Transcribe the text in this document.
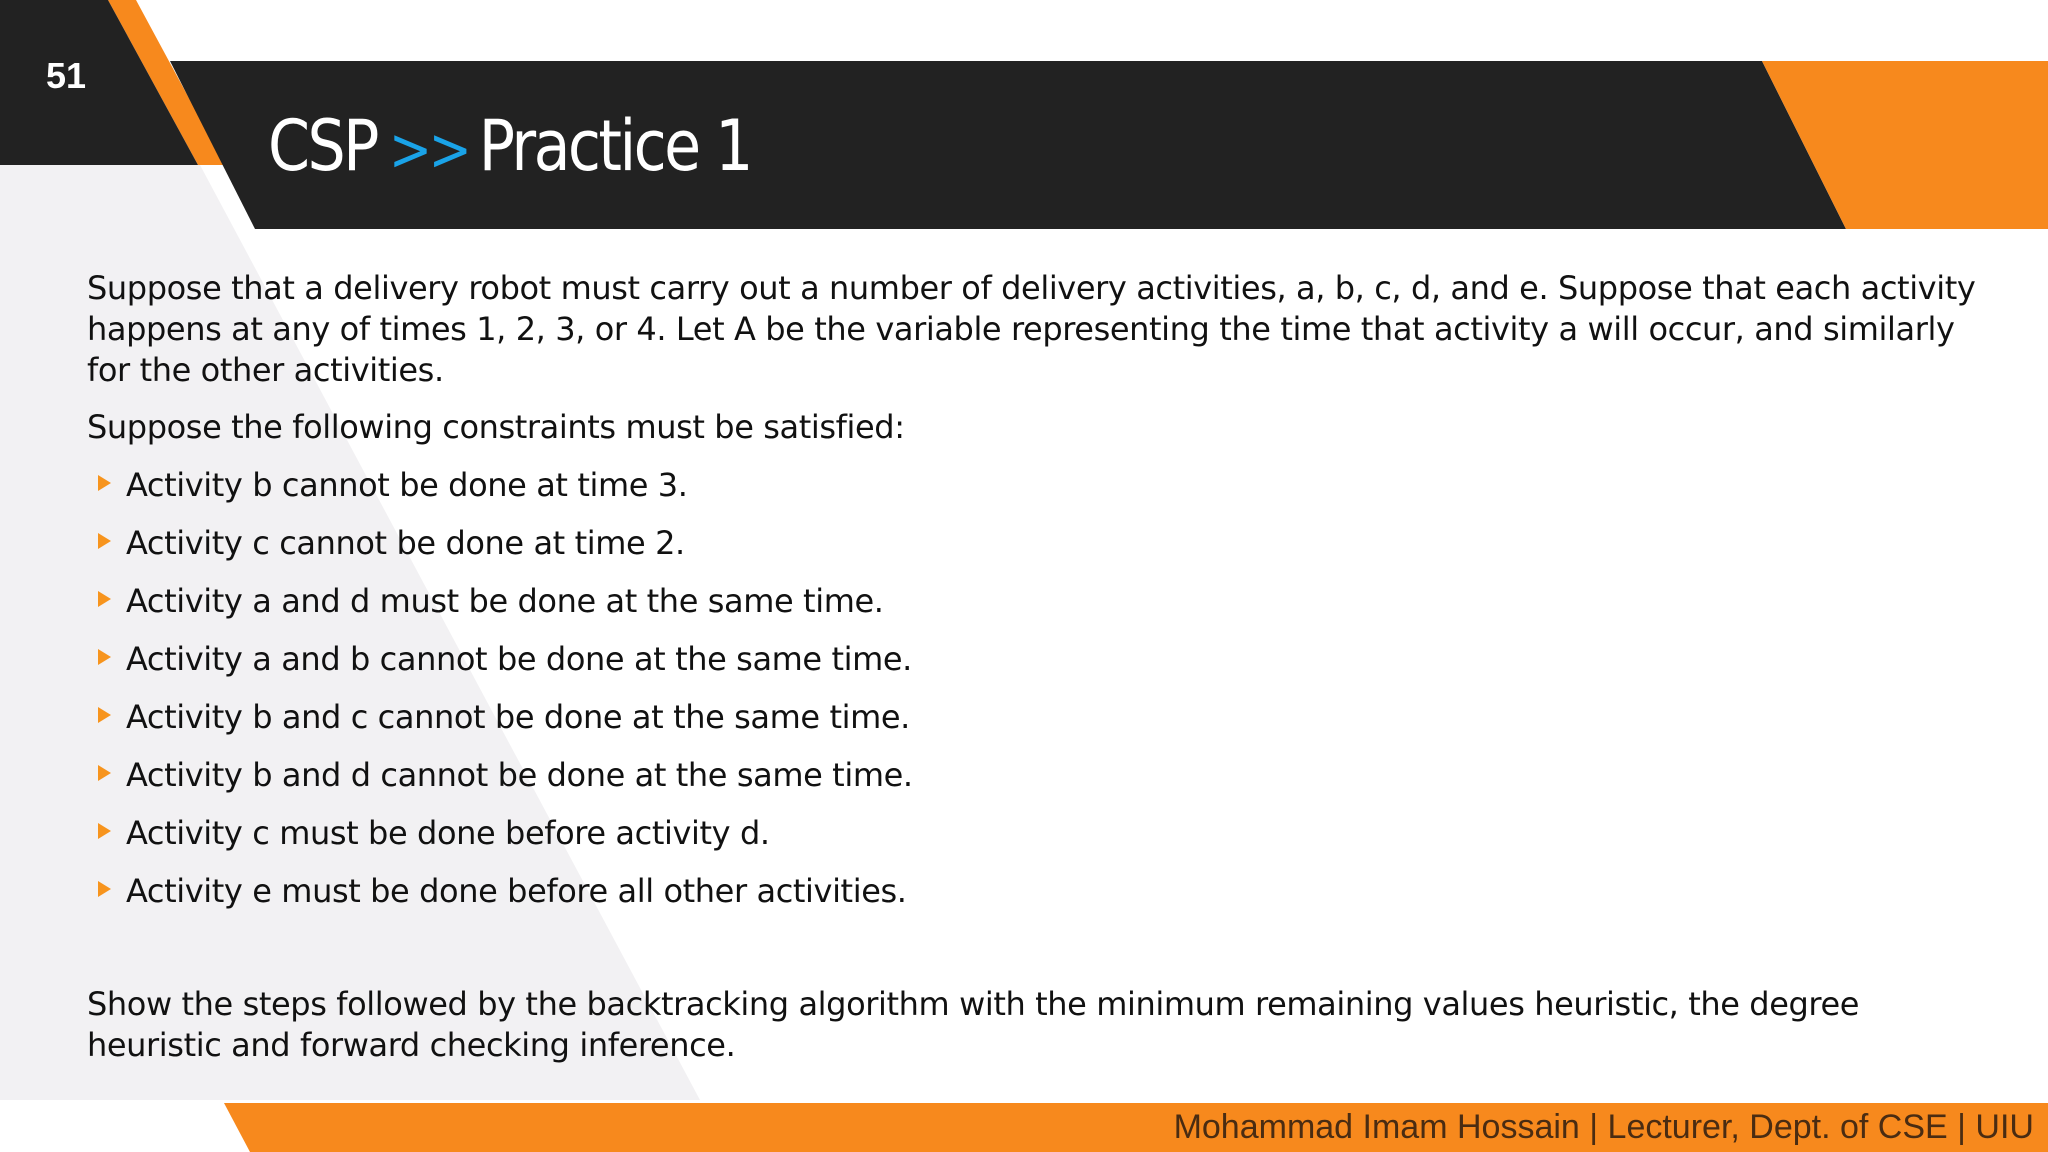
51
CSP >> Practice 1

Suppose that a delivery robot must carry out a number of delivery activities, a, b, c, d, and e. Suppose that each activity happens at any of times 1, 2, 3, or 4. Let A be the variable representing the time that activity a will occur, and similarly for the other activities.

Suppose the following constraints must be satisfied:

Activity b cannot be done at time 3.
Activity c cannot be done at time 2.
Activity a and d must be done at the same time.
Activity a and b cannot be done at the same time.
Activity b and c cannot be done at the same time.
Activity b and d cannot be done at the same time.
Activity c must be done before activity d.
Activity e must be done before all other activities.

Show the steps followed by the backtracking algorithm with the minimum remaining values heuristic, the degree heuristic and forward checking inference.

Mohammad Imam Hossain | Lecturer, Dept. of CSE | UIU
